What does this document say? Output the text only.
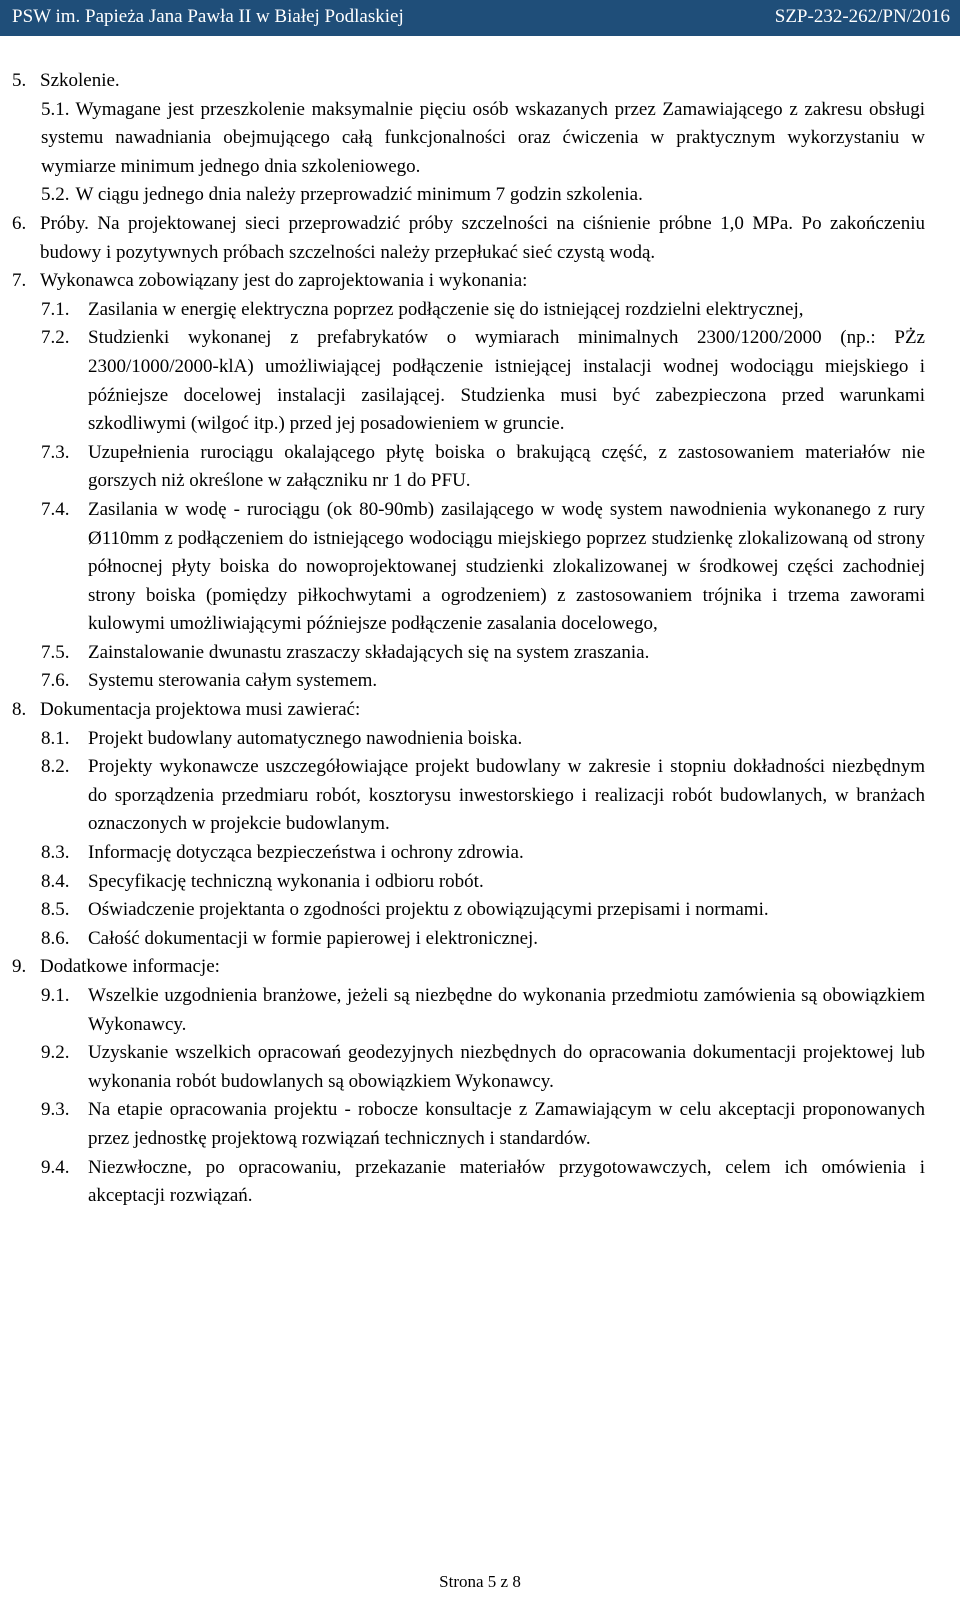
PSW im. Papieża Jana Pawła II w Białej Podlaskiej	SZP-232-262/PN/2016
5. Szkolenie.
5.1. Wymagane jest przeszkolenie maksymalnie pięciu osób wskazanych przez Zamawiającego z zakresu obsługi systemu nawadniania obejmującego całą funkcjonalności oraz ćwiczenia w praktycznym wykorzystaniu w wymiarze minimum jednego dnia szkoleniowego.
5.2. W ciągu jednego dnia należy przeprowadzić minimum 7 godzin szkolenia.
6. Próby. Na projektowanej sieci przeprowadzić próby szczelności na ciśnienie próbne 1,0 MPa. Po zakończeniu budowy i pozytywnych próbach szczelności należy przepłukać sieć czystą wodą.
7. Wykonawca zobowiązany jest do zaprojektowania i wykonania:
7.1. Zasilania w energię elektryczna poprzez podłączenie się do istniejącej rozdzielni elektrycznej,
7.2. Studzienki wykonanej z prefabrykatów o wymiarach minimalnych 2300/1200/2000 (np.: PŻz 2300/1000/2000-klA) umożliwiającej podłączenie istniejącej instalacji wodnej wodociągu miejskiego i późniejsze docelowej instalacji zasilającej. Studzienka musi być zabezpieczona przed warunkami szkodliwymi (wilgoć itp.) przed jej posadowieniem w gruncie.
7.3. Uzupełnienia rurociągu okalającego płytę boiska o brakującą część, z zastosowaniem materiałów nie gorszych niż określone w załączniku nr 1 do PFU.
7.4. Zasilania w wodę - rurociągu (ok 80-90mb) zasilającego w wodę system nawodnienia wykonanego z rury Ø110mm z podłączeniem do istniejącego wodociągu miejskiego poprzez studzienkę zlokalizowaną od strony północnej płyty boiska do nowoprojektowanej studzienki zlokalizowanej w środkowej części zachodniej strony boiska (pomiędzy piłkochwytami a ogrodzeniem) z zastosowaniem trójnika i trzema zaworami kulowymi umożliwiającymi późniejsze podłączenie zasalania docelowego,
7.5. Zainstalowanie dwunastu zraszaczy składających się na system zraszania.
7.6. Systemu sterowania całym systemem.
8. Dokumentacja projektowa musi zawierać:
8.1. Projekt budowlany automatycznego nawodnienia boiska.
8.2. Projekty wykonawcze uszczegółowiające projekt budowlany w zakresie i stopniu dokładności niezbędnym do sporządzenia przedmiaru robót, kosztorysu inwestorskiego i realizacji robót budowlanych, w branżach oznaczonych w projekcie budowlanym.
8.3. Informację dotycząca bezpieczeństwa i ochrony zdrowia.
8.4. Specyfikację techniczną wykonania i odbioru robót.
8.5. Oświadczenie projektanta o zgodności projektu z obowiązującymi przepisami i normami.
8.6. Całość dokumentacji w formie papierowej i elektronicznej.
9. Dodatkowe informacje:
9.1. Wszelkie uzgodnienia branżowe, jeżeli są niezbędne do wykonania przedmiotu zamówienia są obowiązkiem Wykonawcy.
9.2. Uzyskanie wszelkich opracowań geodezyjnych niezbędnych do opracowania dokumentacji projektowej lub wykonania robót budowlanych są obowiązkiem Wykonawcy.
9.3. Na etapie opracowania projektu - robocze konsultacje z Zamawiającym w celu akceptacji proponowanych przez jednostkę projektową rozwiązań technicznych i standardów.
9.4. Niezwłoczne, po opracowaniu, przekazanie materiałów przygotowawczych, celem ich omówienia i akceptacji rozwiązań.
Strona 5 z 8
